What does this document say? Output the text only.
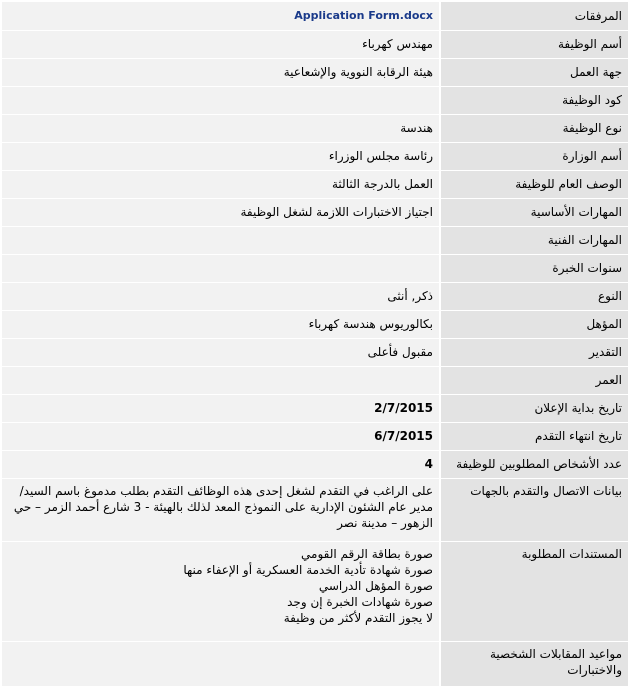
المرفقات	Application Form.docx
أسم الوظيفة	مهندس كهرباء
جهة العمل	هيئة الرقابة النووية والإشعاعية
كود الوظيفة	
نوع الوظيفة	هندسة
أسم الوزارة	رئاسة مجلس الوزراء
الوصف العام للوظيفة	العمل بالدرجة الثالثة
المهارات الأساسية	اجتياز الاختبارات اللازمة لشغل الوظيفة
المهارات الفنية	
سنوات الخبرة	
النوع	ذكر, أنثى
المؤهل	بكالوريوس هندسة كهرباء
التقدير	مقبول فأعلى
العمر	
تاريخ بداية الإعلان	2/7/2015
تاريخ انتهاء التقدم	6/7/2015
عدد الأشخاص المطلوبين للوظيفة	4
بيانات الاتصال والتقدم بالجهات	على الراغب في التقدم لشغل إحدى هذه الوظائف التقدم بطلب مدموغ باسم السيد/ مدير عام الشئون الإدارية على النموذج المعد لذلك بالهيئة - 3 شارع أحمد الزمر – حي الزهور – مدينة نصر
المستندات المطلوبة	صورة بطاقة الرقم القومي
صورة شهادة تأدية الخدمة العسكرية أو الإعفاء منها
صورة المؤهل الدراسي
صورة شهادات الخبرة إن وجد
لا يجوز التقدم لأكثر من وظيفة
مواعيد المقابلات الشخصية والاختبارات	
